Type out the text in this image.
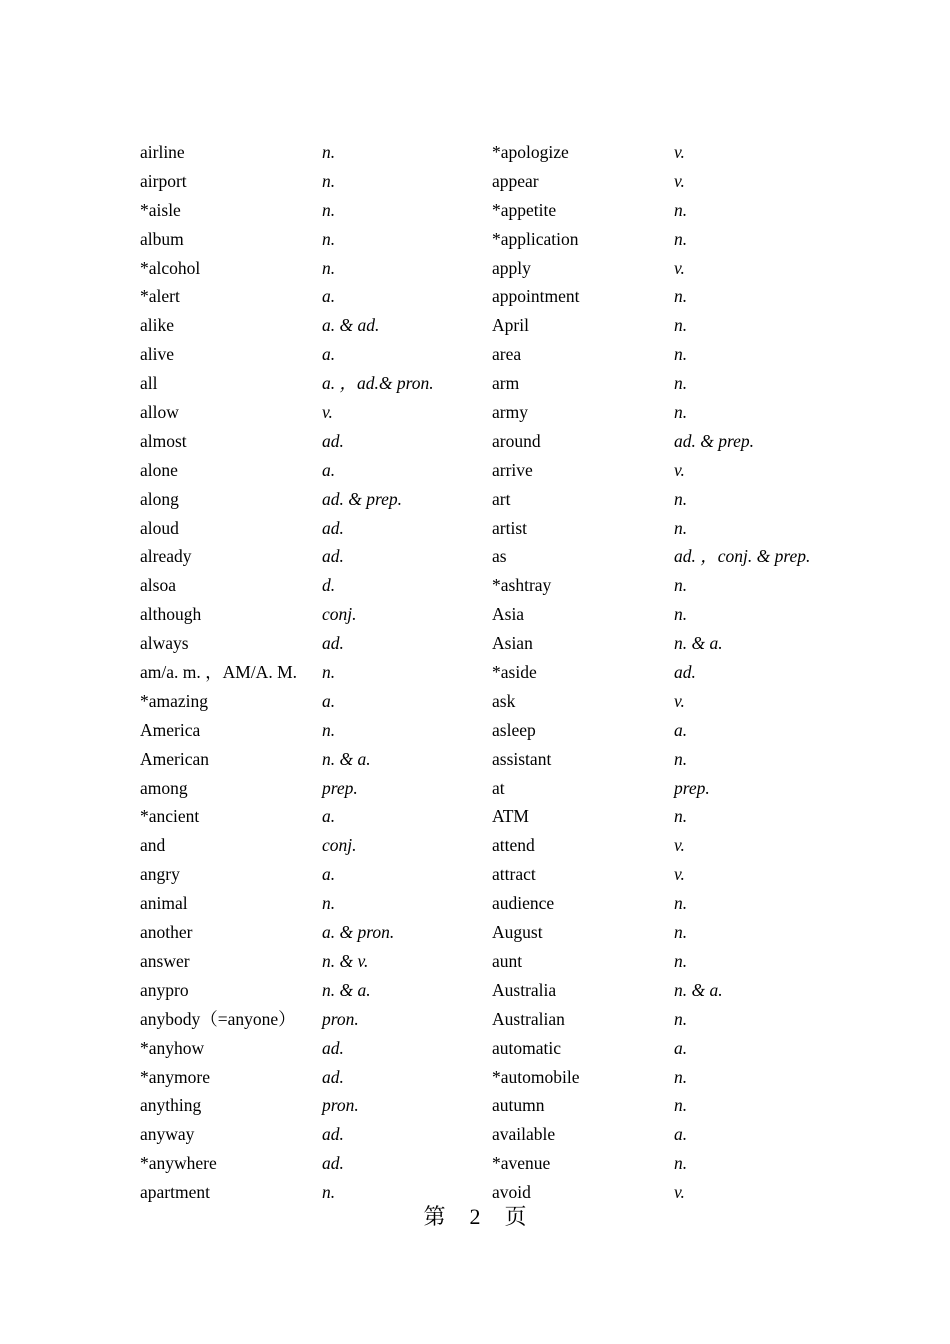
airline	n.	*apologize	v.
airport	n.	appear	v.
*aisle	n.	*appetite	n.
album	n.	*application	n.
*alcohol	n.	apply	v.
*alert	a.	appointment	n.
alike	a. & ad.	April	n.
alive	a.	area	n.
all	a. ，ad.& pron.	arm	n.
allow	v.	army	n.
almost	ad.	around	ad. & prep.
alone	a.	arrive	v.
along	ad. & prep.	art	n.
aloud	ad.	artist	n.
already	ad.	as	ad. ，conj. & prep.
alsoa	d.	*ashtray	n.
although	conj.	Asia	n.
always	ad.	Asian	n. & a.
am/a. m. ，AM/A. M.	n.	*aside	ad.
*amazing	a.	ask	v.
America	n.	asleep	a.
American	n. & a.	assistant	n.
among	prep.	at	prep.
*ancient	a.	ATM	n.
and	conj.	attend	v.
angry	a.	attract	v.
animal	n.	audience	n.
another	a. & pron.	August	n.
answer	n. & v.	aunt	n.
anypro	n. & a.	Australia	n. & a.
anybody（=anyone）	pron.	Australian	n.
*anyhow	ad.	automatic	a.
*anymore	ad.	*automobile	n.
anything	pron.	autumn	n.
anyway	ad.	available	a.
*anywhere	ad.	*avenue	n.
apartment	n.	avoid	v.
第 2 页
